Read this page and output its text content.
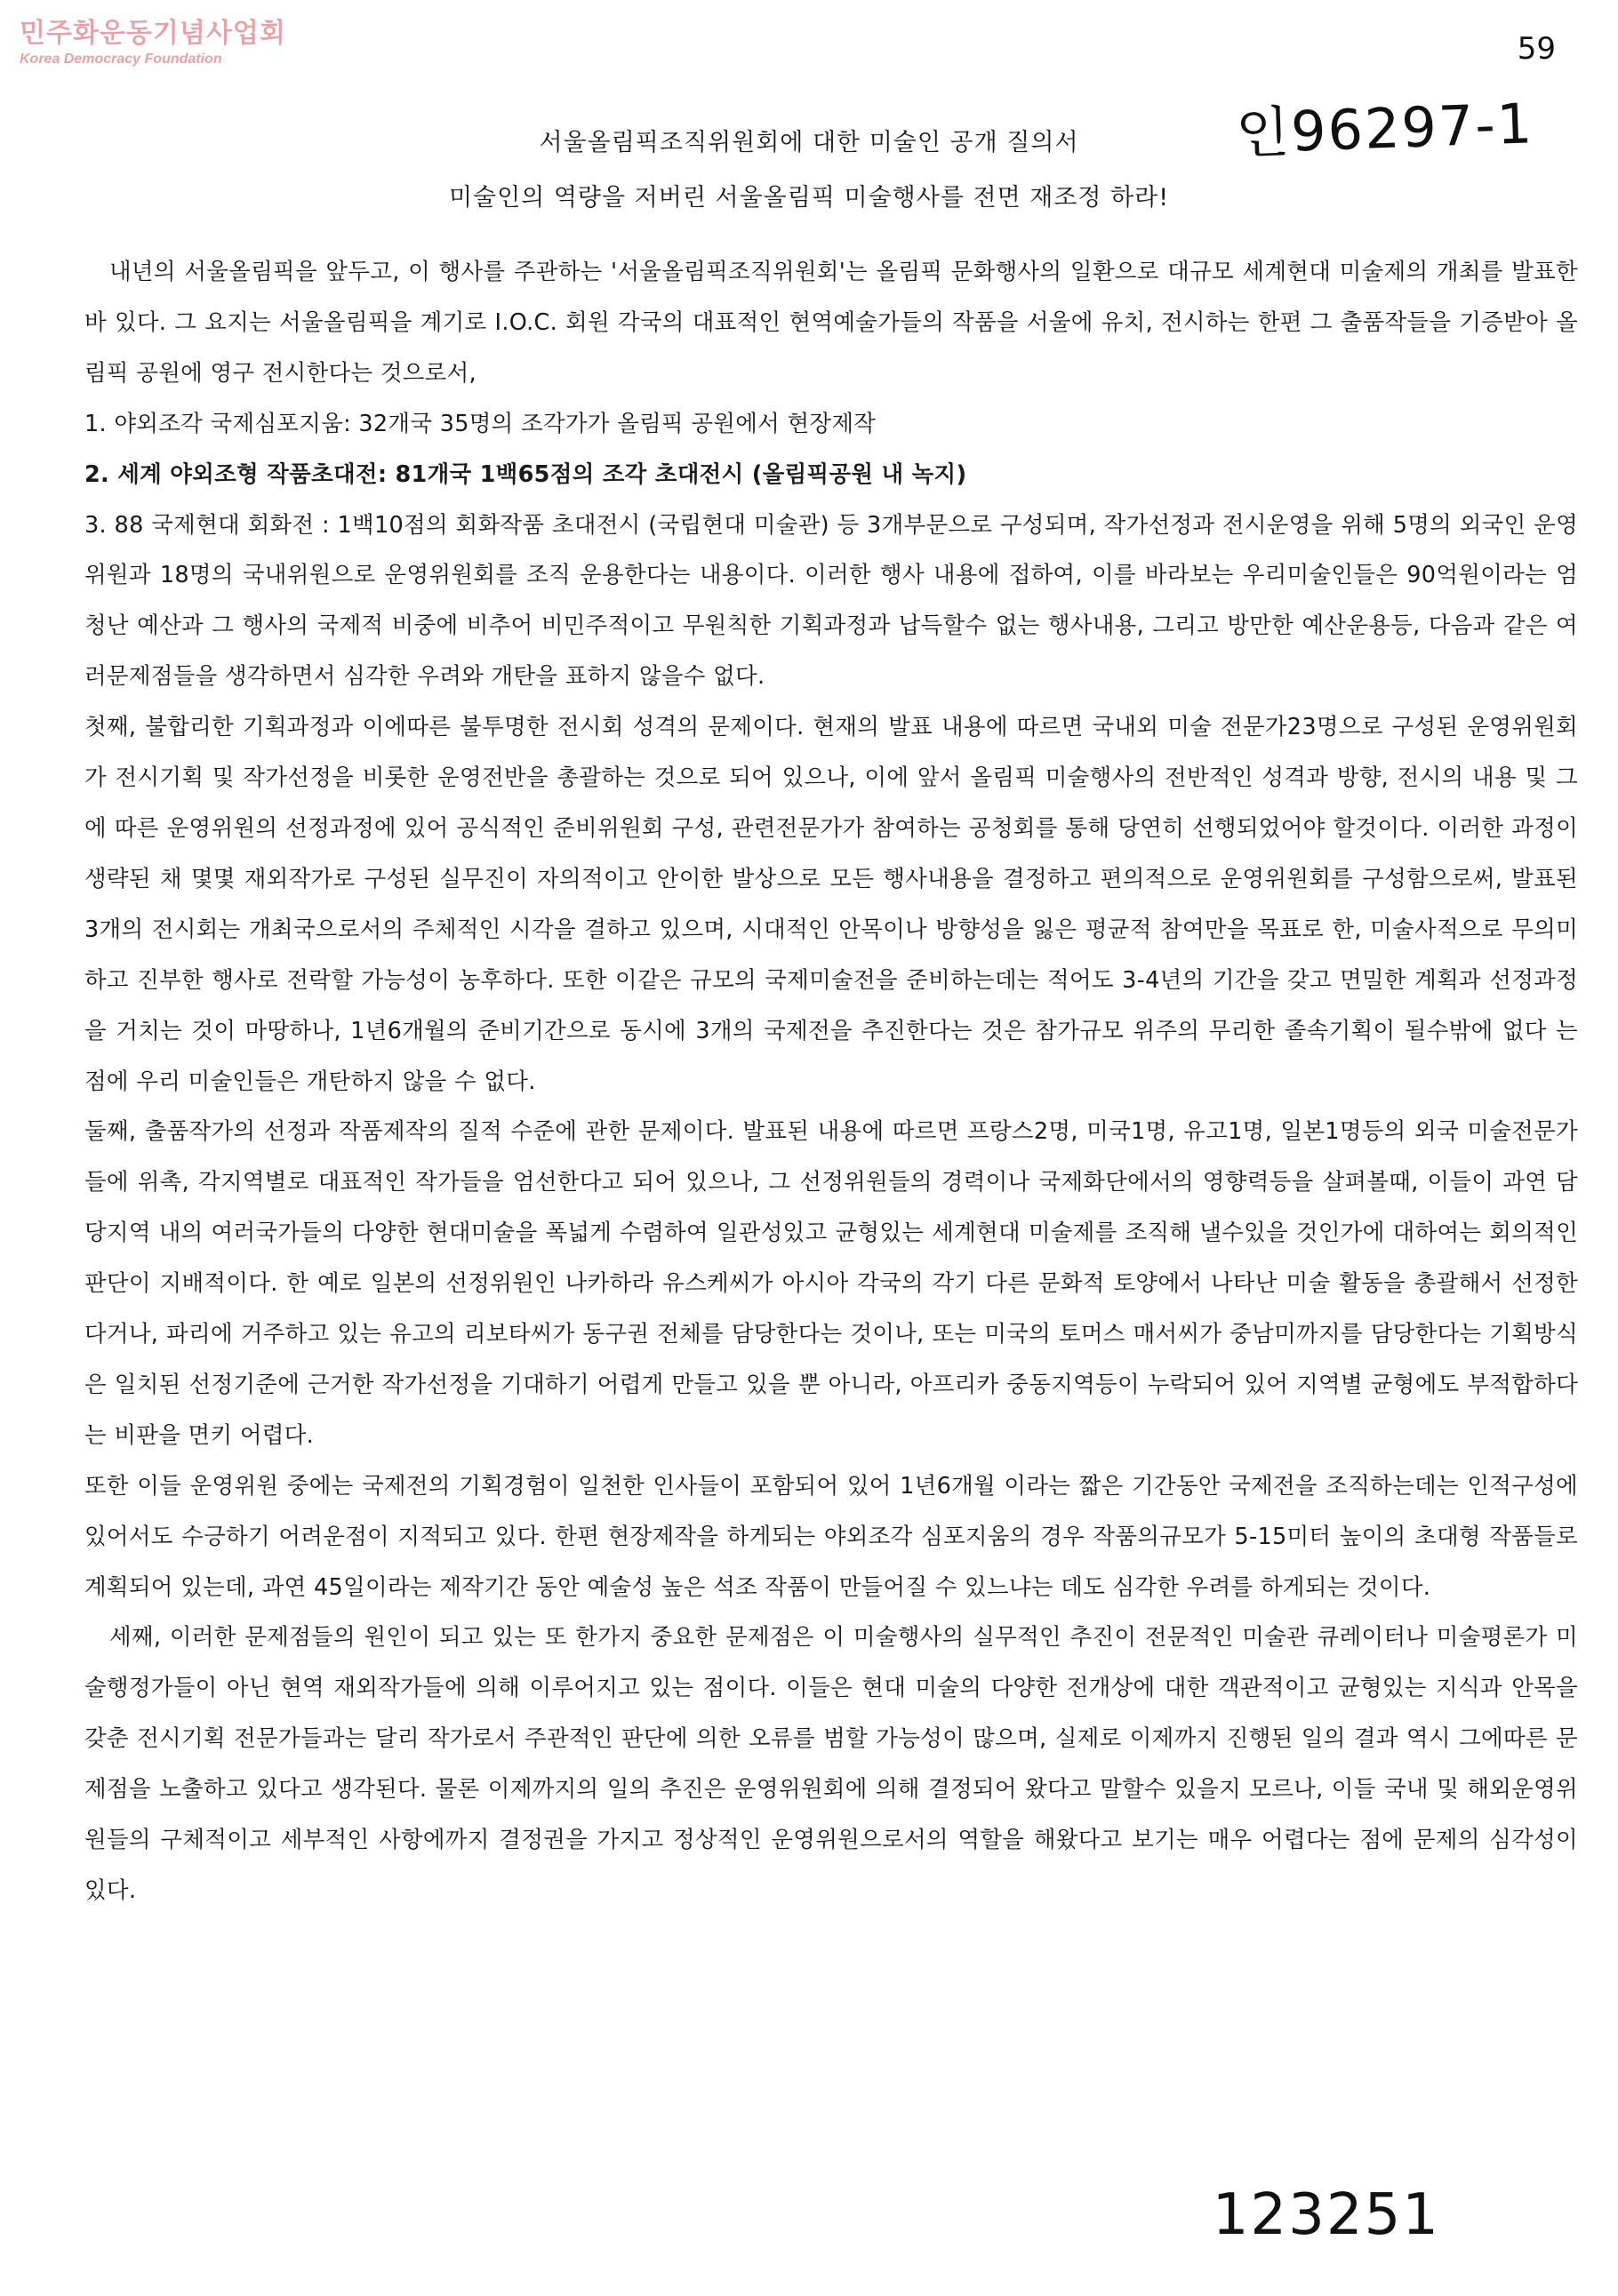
민주화운동기념사업회
Korea Democracy Foundation	59
인96297-1
서울올림픽조직위원회에 대한 미술인 공개 질의서
미술인의 역량을 저버린 서울올림픽 미술행사를 전면 재조정 하라!

내년의 서울올림픽을 앞두고, 이 행사를 주관하는 '서울올림픽조직위원회'는 올림픽 문화행사의 일환으로 대규모 세계현대 미술제의 개최를 발표한바 있다. 그 요지는 서울올림픽을 계기로 I.O.C. 회원 각국의 대표적인 현역예술가들의 작품을 서울에 유치, 전시하는 한편 그 출품작들을 기증받아 올림픽 공원에 영구 전시한다는 것으로서,

1. 야외조각 국제심포지움: 32개국 35명의 조각가가 올림픽 공원에서 현장제작

2. 세계 야외조형 작품초대전: 81개국 1백65점의 조각 초대전시 (올림픽공원 내 녹지)

3. 88 국제현대 회화전 : 1백10점의 회화작품 초대전시 (국립현대 미술관) 등 3개부문으로 구성되며, 작가선정과 전시운영을 위해 5명의 외국인 운영위원과 18명의 국내위원으로 운영위원회를 조직 운용한다는 내용이다. 이러한 행사 내용에 접하여, 이를 바라보는 우리미술인들은 90억원이라는 엄청난 예산과 그 행사의 국제적 비중에 비추어 비민주적이고 무원칙한 기획과정과 납득할수 없는 행사내용, 그리고 방만한 예산운용등, 다음과 같은 여러문제점들을 생각하면서 심각한 우려와 개탄을 표하지 않을수 없다.

첫째, 불합리한 기획과정과 이에따른 불투명한 전시회 성격의 문제이다. 현재의 발표 내용에 따르면 국내외 미술 전문가23명으로 구성된 운영위원회가 전시기획 및 작가선정을 비롯한 운영전반을 총괄하는 것으로 되어 있으나, 이에 앞서 올림픽 미술행사의 전반적인 성격과 방향, 전시의 내용 및 그에 따른 운영위원의 선정과정에 있어 공식적인 준비위원회 구성, 관련전문가가 참여하는 공청회를 통해 당연히 선행되었어야 할것이다. 이러한 과정이 생략된 채 몇몇 재외작가로 구성된 실무진이 자의적이고 안이한 발상으로 모든 행사내용을 결정하고 편의적으로 운영위원회를 구성함으로써, 발표된 3개의 전시회는 개최국으로서의 주체적인 시각을 결하고 있으며, 시대적인 안목이나 방향성을 잃은 평균적 참여만을 목표로 한, 미술사적으로 무의미하고 진부한 행사로 전락할 가능성이 농후하다. 또한 이같은 규모의 국제미술전을 준비하는데는 적어도 3-4년의 기간을 갖고 면밀한 계획과 선정과정을 거치는 것이 마땅하나, 1년6개월의 준비기간으로 동시에 3개의 국제전을 추진한다는 것은 참가규모 위주의 무리한 졸속기획이 될수밖에 없다 는 점에 우리 미술인들은 개탄하지 않을 수 없다.

둘째, 출품작가의 선정과 작품제작의 질적 수준에 관한 문제이다. 발표된 내용에 따르면 프랑스2명, 미국1명, 유고1명, 일본1명등의 외국 미술전문가들에 위촉, 각지역별로 대표적인 작가들을 엄선한다고 되어 있으나, 그 선정위원들의 경력이나 국제화단에서의 영향력등을 살펴볼때, 이들이 과연 담당지역 내의 여러국가들의 다양한 현대미술을 폭넓게 수렴하여 일관성있고 균형있는 세계현대 미술제를 조직해 낼수있을 것인가에 대하여는 회의적인 판단이 지배적이다. 한 예로 일본의 선정위원인 나카하라 유스케씨가 아시아 각국의 각기 다른 문화적 토양에서 나타난 미술 활동을 총괄해서 선정한다거나, 파리에 거주하고 있는 유고의 리보타씨가 동구권 전체를 담당한다는 것이나, 또는 미국의 토머스 매서씨가 중남미까지를 담당한다는 기획방식은 일치된 선정기준에 근거한 작가선정을 기대하기 어렵게 만들고 있을 뿐 아니라, 아프리카 중동지역등이 누락되어 있어 지역별 균형에도 부적합하다는 비판을 면키 어렵다.

또한 이들 운영위원 중에는 국제전의 기획경험이 일천한 인사들이 포함되어 있어 1년6개월 이라는 짧은 기간동안 국제전을 조직하는데는 인적구성에 있어서도 수긍하기 어려운점이 지적되고 있다. 한편 현장제작을 하게되는 야외조각 심포지움의 경우 작품의규모가 5-15미터 높이의 초대형 작품들로 계획되어 있는데, 과연 45일이라는 제작기간 동안 예술성 높은 석조 작품이 만들어질 수 있느냐는 데도 심각한 우려를 하게되는 것이다.

세째, 이러한 문제점들의 원인이 되고 있는 또 한가지 중요한 문제점은 이 미술행사의 실무적인 추진이 전문적인 미술관 큐레이터나 미술평론가 미술행정가들이 아닌 현역 재외작가들에 의해 이루어지고 있는 점이다. 이들은 현대 미술의 다양한 전개상에 대한 객관적이고 균형있는 지식과 안목을 갖춘 전시기획 전문가들과는 달리 작가로서 주관적인 판단에 의한 오류를 범할 가능성이 많으며, 실제로 이제까지 진행된 일의 결과 역시 그에따른 문제점을 노출하고 있다고 생각된다. 물론 이제까지의 일의 추진은 운영위원회에 의해 결정되어 왔다고 말할수 있을지 모르나, 이들 국내 및 해외운영위원들의 구체적이고 세부적인 사항에까지 결정권을 가지고 정상적인 운영위원으로서의 역할을 해왔다고 보기는 매우 어렵다는 점에 문제의 심각성이 있다.

123251
